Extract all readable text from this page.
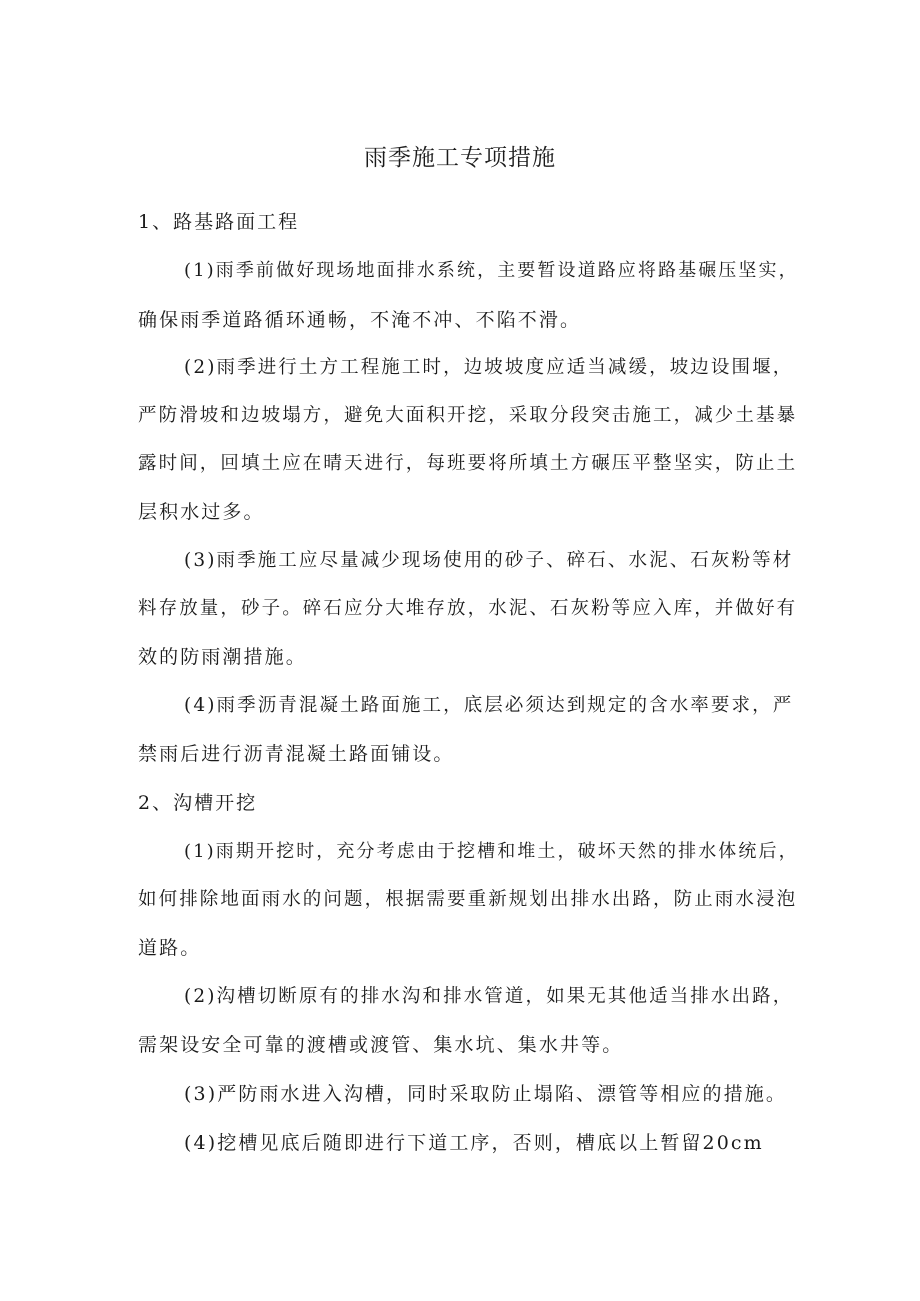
雨季施工专项措施
1、路基路面工程
(1)雨季前做好现场地面排水系统，主要暂设道路应将路基碾压坚实，
确保雨季道路循环通畅，不淹不冲、不陷不滑。
(2)雨季进行土方工程施工时，边坡坡度应适当减缓，坡边设围堰，
严防滑坡和边坡塌方，避免大面积开挖，采取分段突击施工，减少土基暴
露时间，回填土应在晴天进行，每班要将所填土方碾压平整坚实，防止土
层积水过多。
(3)雨季施工应尽量减少现场使用的砂子、碎石、水泥、石灰粉等材
料存放量，砂子。碎石应分大堆存放，水泥、石灰粉等应入库，并做好有
效的防雨潮措施。
(4)雨季沥青混凝土路面施工，底层必须达到规定的含水率要求，严
禁雨后进行沥青混凝土路面铺设。
2、沟槽开挖
(1)雨期开挖时，充分考虑由于挖槽和堆土，破坏天然的排水体统后，
如何排除地面雨水的问题，根据需要重新规划出排水出路，防止雨水浸泡
道路。
(2)沟槽切断原有的排水沟和排水管道，如果无其他适当排水出路，
需架设安全可靠的渡槽或渡管、集水坑、集水井等。
(3)严防雨水进入沟槽，同时采取防止塌陷、漂管等相应的措施。
(4)挖槽见底后随即进行下道工序，否则，槽底以上暂留20cm
